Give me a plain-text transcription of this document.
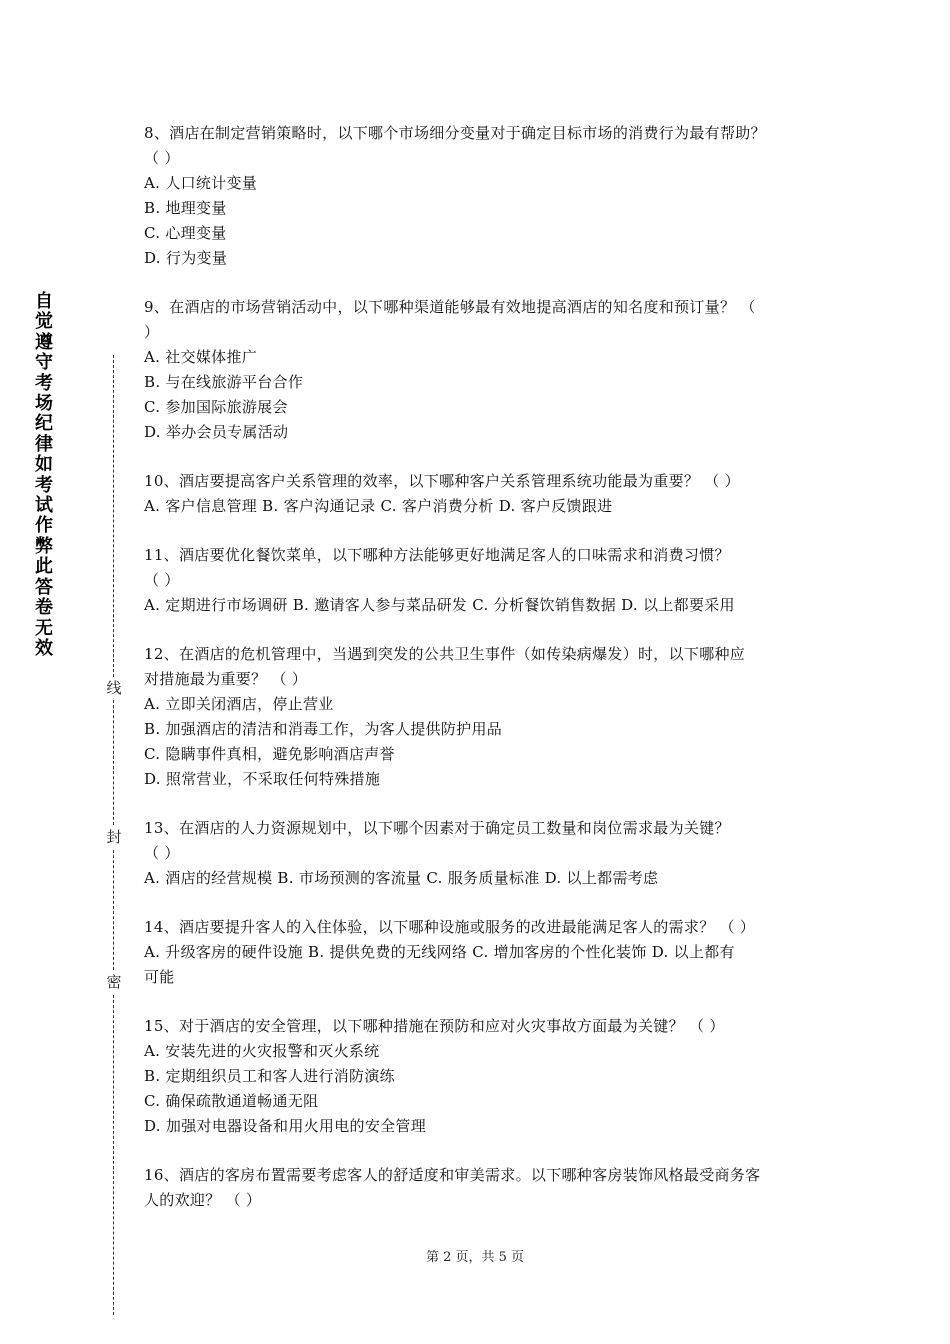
自
觉
遵
守
考
场
纪
律
如
考
试
作
弊
此
答
卷
无
效
线
封
密

8、酒店在制定营销策略时，以下哪个市场细分变量对于确定目标市场的消费行为最有帮助？

（ ）

A. 人口统计变量

B. 地理变量

C. 心理变量

D. 行为变量

9、在酒店的市场营销活动中，以下哪种渠道能够最有效地提高酒店的知名度和预订量？ （

）

A. 社交媒体推广

B. 与在线旅游平台合作

C. 参加国际旅游展会

D. 举办会员专属活动

10、酒店要提高客户关系管理的效率，以下哪种客户关系管理系统功能最为重要？ （ ）

A. 客户信息管理 B. 客户沟通记录 C. 客户消费分析 D. 客户反馈跟进

11、酒店要优化餐饮菜单，以下哪种方法能够更好地满足客人的口味需求和消费习惯？

（ ）

A. 定期进行市场调研 B. 邀请客人参与菜品研发 C. 分析餐饮销售数据 D. 以上都要采用

12、在酒店的危机管理中，当遇到突发的公共卫生事件（如传染病爆发）时，以下哪种应

对措施最为重要？ （ ）

A. 立即关闭酒店，停止营业

B. 加强酒店的清洁和消毒工作，为客人提供防护用品

C. 隐瞒事件真相，避免影响酒店声誉

D. 照常营业，不采取任何特殊措施

13、在酒店的人力资源规划中，以下哪个因素对于确定员工数量和岗位需求最为关键？

（ ）

A. 酒店的经营规模 B. 市场预测的客流量 C. 服务质量标准 D. 以上都需考虑

14、酒店要提升客人的入住体验，以下哪种设施或服务的改进最能满足客人的需求？ （ ）

A. 升级客房的硬件设施 B. 提供免费的无线网络 C. 增加客房的个性化装饰 D. 以上都有

可能

15、对于酒店的安全管理，以下哪种措施在预防和应对火灾事故方面最为关键？ （ ）

A. 安装先进的火灾报警和灭火系统

B. 定期组织员工和客人进行消防演练

C. 确保疏散通道畅通无阻

D. 加强对电器设备和用火用电的安全管理

16、酒店的客房布置需要考虑客人的舒适度和审美需求。以下哪种客房装饰风格最受商务客

人的欢迎？ （ ）

第 2 页，共 5 页
